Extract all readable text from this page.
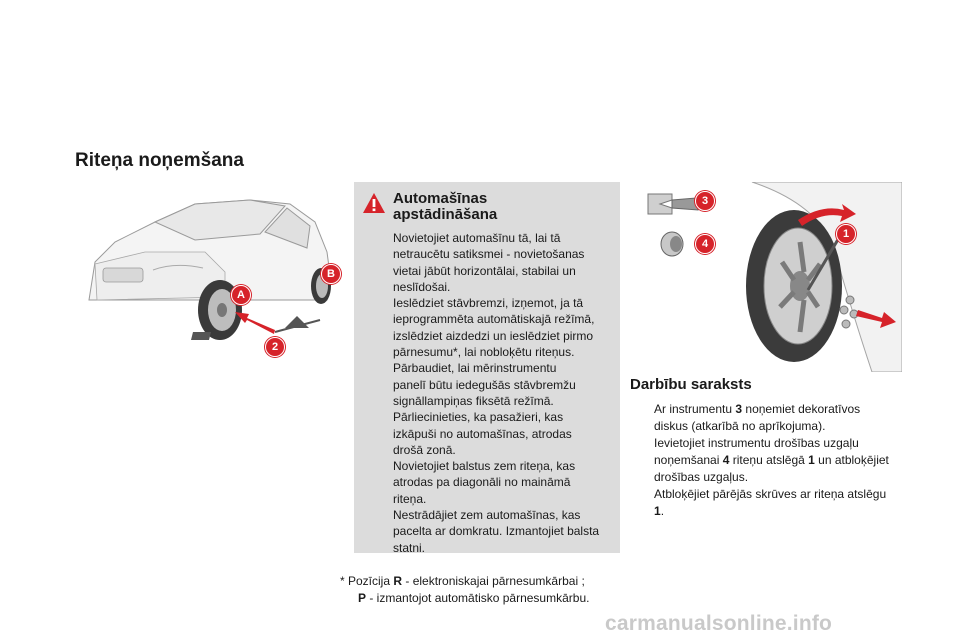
Riteņa noņemšana
A
B
2
Automašīnas
apstādināšana
Novietojiet automašīnu tā, lai tā
netraucētu satiksmei - novietošanas
vietai jābūt horizontālai, stabilai un
neslīdošai.
Ieslēdziet stāvbremzi, izņemot, ja tā
ieprogrammēta automātiskajā režīmā,
izslēdziet aizdedzi un ieslēdziet pirmo
pārnesumu*, lai nobloķētu riteņus.
Pārbaudiet, lai mērinstrumentu
panelī būtu iedegušās stāvbremžu
signāllampiņas fiksētā režīmā.
Pārliecinieties, ka pasažieri, kas
izkāpuši no automašīnas, atrodas
drošā zonā.
Novietojiet balstus zem riteņa, kas
atrodas pa diagonāli no maināmā
riteņa.
Nestrādājiet zem automašīnas, kas
pacelta ar domkratu. Izmantojiet balsta
statni.
* Pozīcija R - elektroniskajai pārnesumkārbai ;
P - izmantojot automātisko pārnesumkārbu.
3
4
1
Darbību saraksts
Ar instrumentu 3 noņemiet dekoratīvos diskus (atkarībā no aprīkojuma).
Ievietojiet instrumentu drošības uzgaļu noņemšanai 4 riteņu atslēgā 1 un atbloķējiet drošības uzgaļus.
Atbloķējiet pārējās skrūves ar riteņa atslēgu 1.
carmanualsonline.info
